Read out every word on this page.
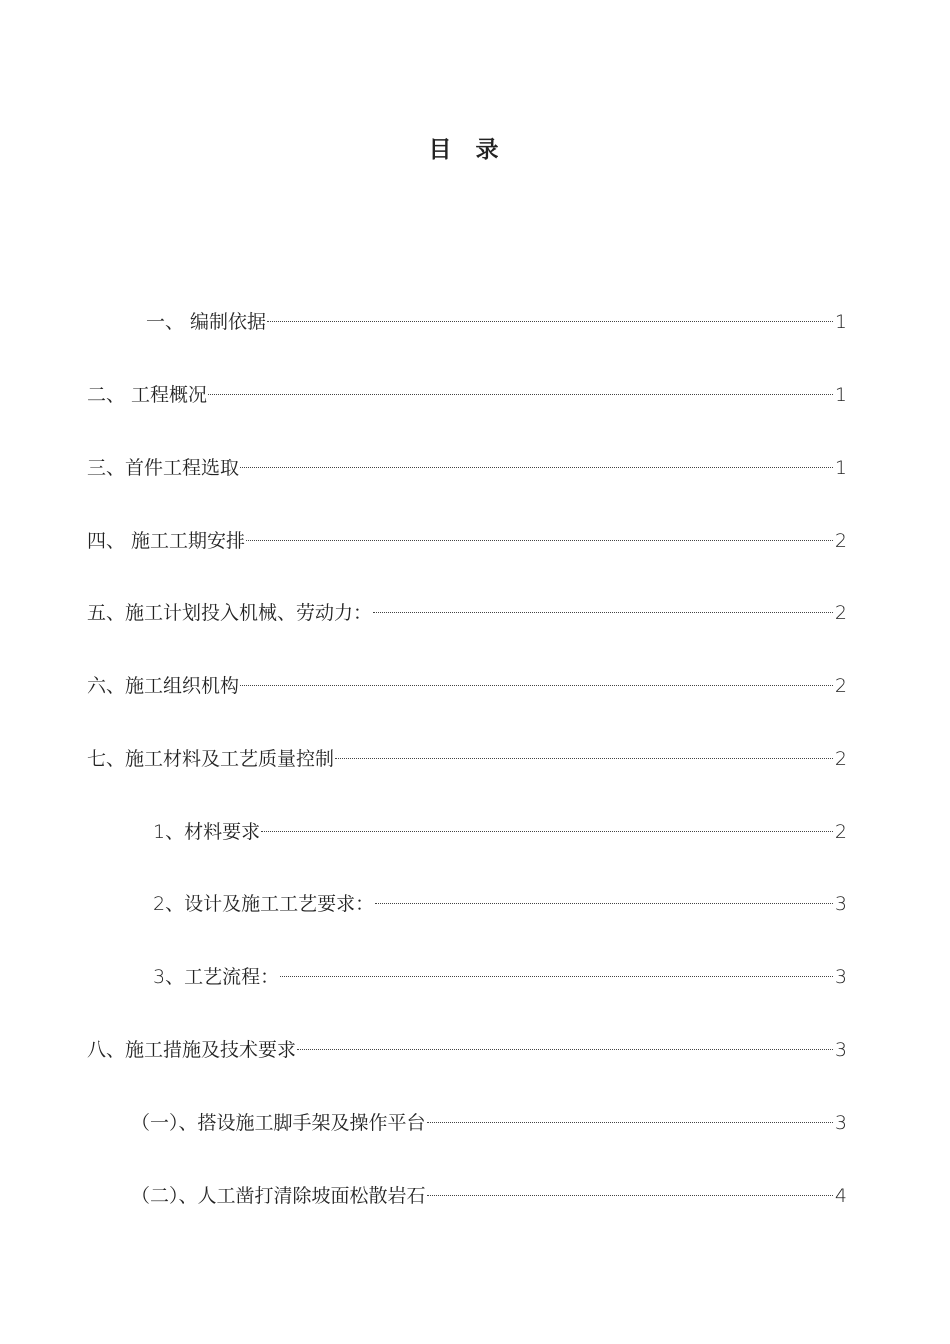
目 录
一、 编制依据	1
二、 工程概况	1
三、首件工程选取	1
四、 施工工期安排	2
五、施工计划投入机械、劳动力：	2
六、施工组织机构	2
七、施工材料及工艺质量控制	2
1、材料要求	2
2、设计及施工工艺要求：	3
3、工艺流程：	3
八、施工措施及技术要求	3
（一）、搭设施工脚手架及操作平台	3
（二）、人工凿打清除坡面松散岩石	4
